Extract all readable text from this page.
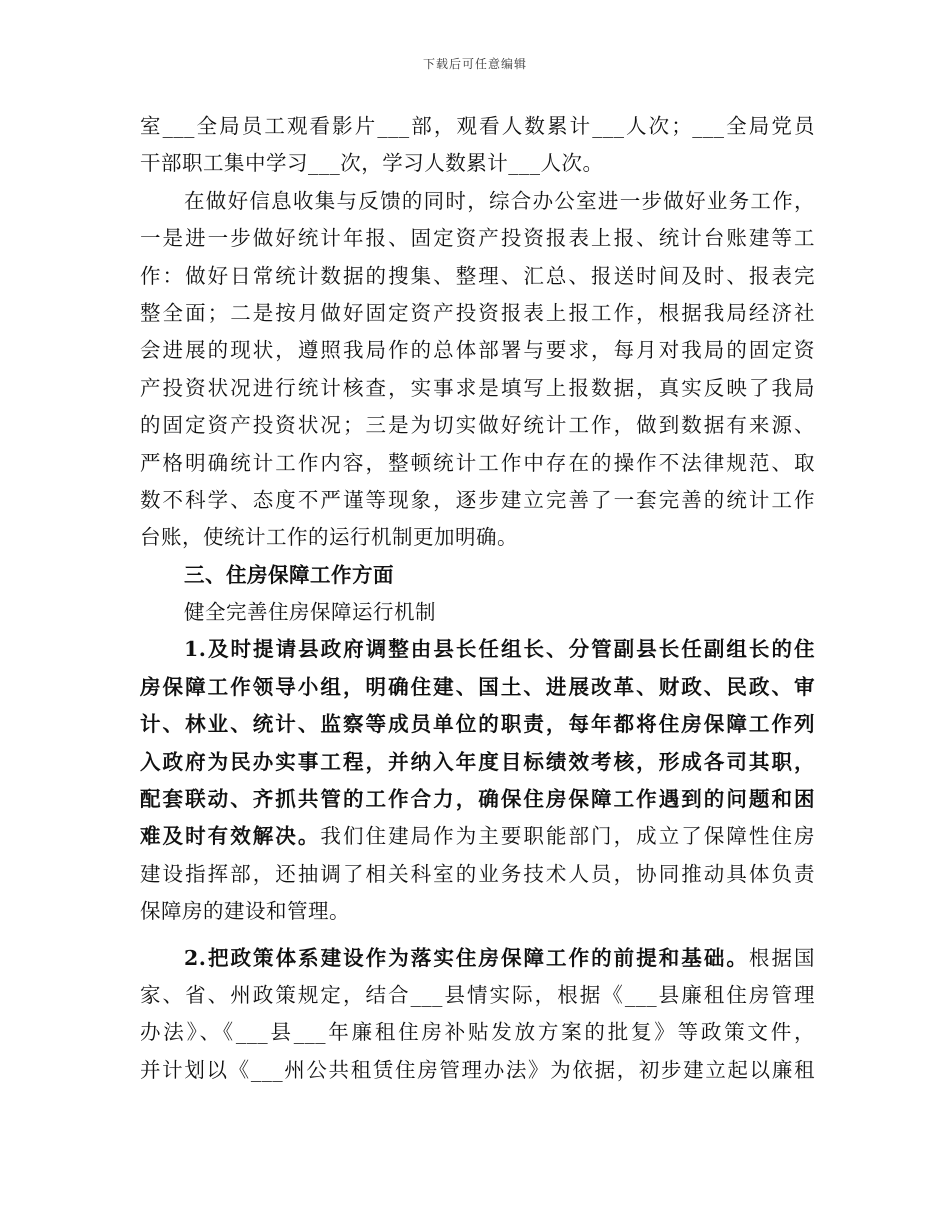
下载后可任意编辑
室___全局员工观看影片___部，观看人数累计___人次；___全局党员
干部职工集中学习___次，学习人数累计___人次。
在做好信息收集与反馈的同时，综合办公室进一步做好业务工作，
一是进一步做好统计年报、固定资产投资报表上报、统计台账建等工
作：做好日常统计数据的搜集、整理、汇总、报送时间及时、报表完
整全面；二是按月做好固定资产投资报表上报工作，根据我局经济社
会进展的现状，遵照我局作的总体部署与要求，每月对我局的固定资
产投资状况进行统计核查，实事求是填写上报数据，真实反映了我局
的固定资产投资状况；三是为切实做好统计工作，做到数据有来源、
严格明确统计工作内容，整顿统计工作中存在的操作不法律规范、取
数不科学、态度不严谨等现象，逐步建立完善了一套完善的统计工作
台账，使统计工作的运行机制更加明确。
三、住房保障工作方面
健全完善住房保障运行机制
1.及时提请县政府调整由县长任组长、分管副县长任副组长的住
房保障工作领导小组，明确住建、国土、进展改革、财政、民政、审
计、林业、统计、监察等成员单位的职责，每年都将住房保障工作列
入政府为民办实事工程，并纳入年度目标绩效考核，形成各司其职，
配套联动、齐抓共管的工作合力，确保住房保障工作遇到的问题和困
难及时有效解决。我们住建局作为主要职能部门，成立了保障性住房
建设指挥部，还抽调了相关科室的业务技术人员，协同推动具体负责
保障房的建设和管理。
2.把政策体系建设作为落实住房保障工作的前提和基础。根据国
家、省、州政策规定，结合___县情实际，根据《___县廉租住房管理
办法》、《___县___年廉租住房补贴发放方案的批复》等政策文件，
并计划以《___州公共租赁住房管理办法》为依据，初步建立起以廉租
